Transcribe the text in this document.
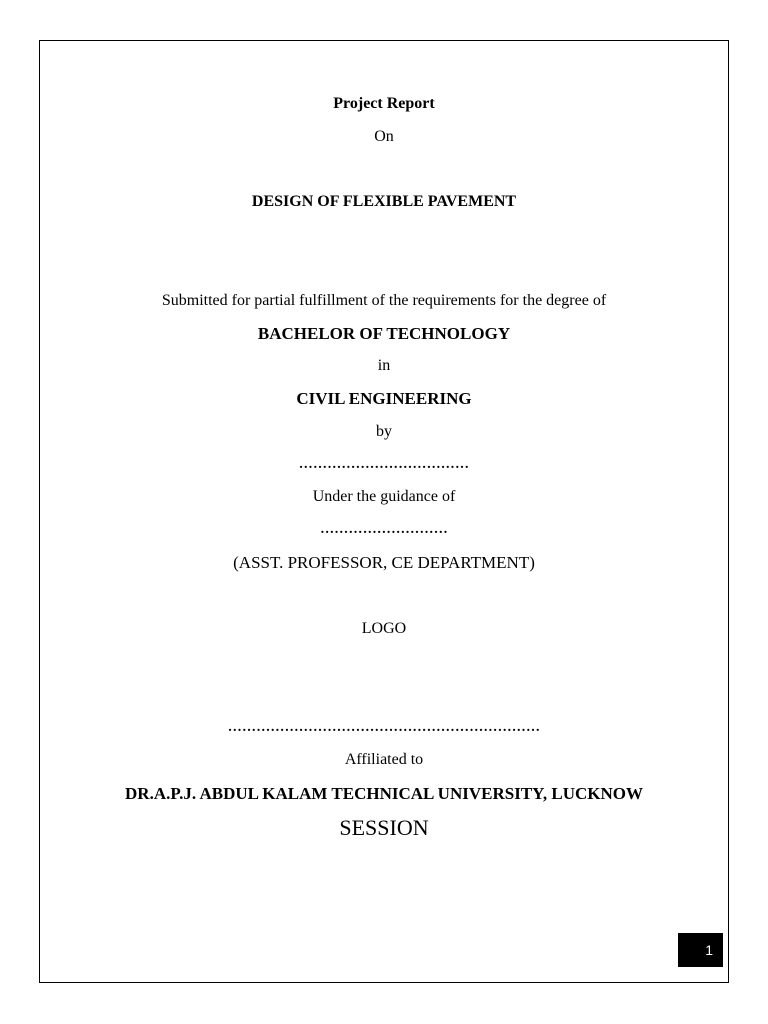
Project Report
On
DESIGN OF FLEXIBLE PAVEMENT
Submitted for partial fulfillment of the requirements for the degree of
BACHELOR OF TECHNOLOGY
in
CIVIL ENGINEERING
by
………………………………
Under the guidance of
………………………
(ASST. PROFESSOR, CE DEPARTMENT)
LOGO
…………………………………………………………
Affiliated to
DR.A.P.J. ABDUL KALAM TECHNICAL UNIVERSITY, LUCKNOW
SESSION
1
